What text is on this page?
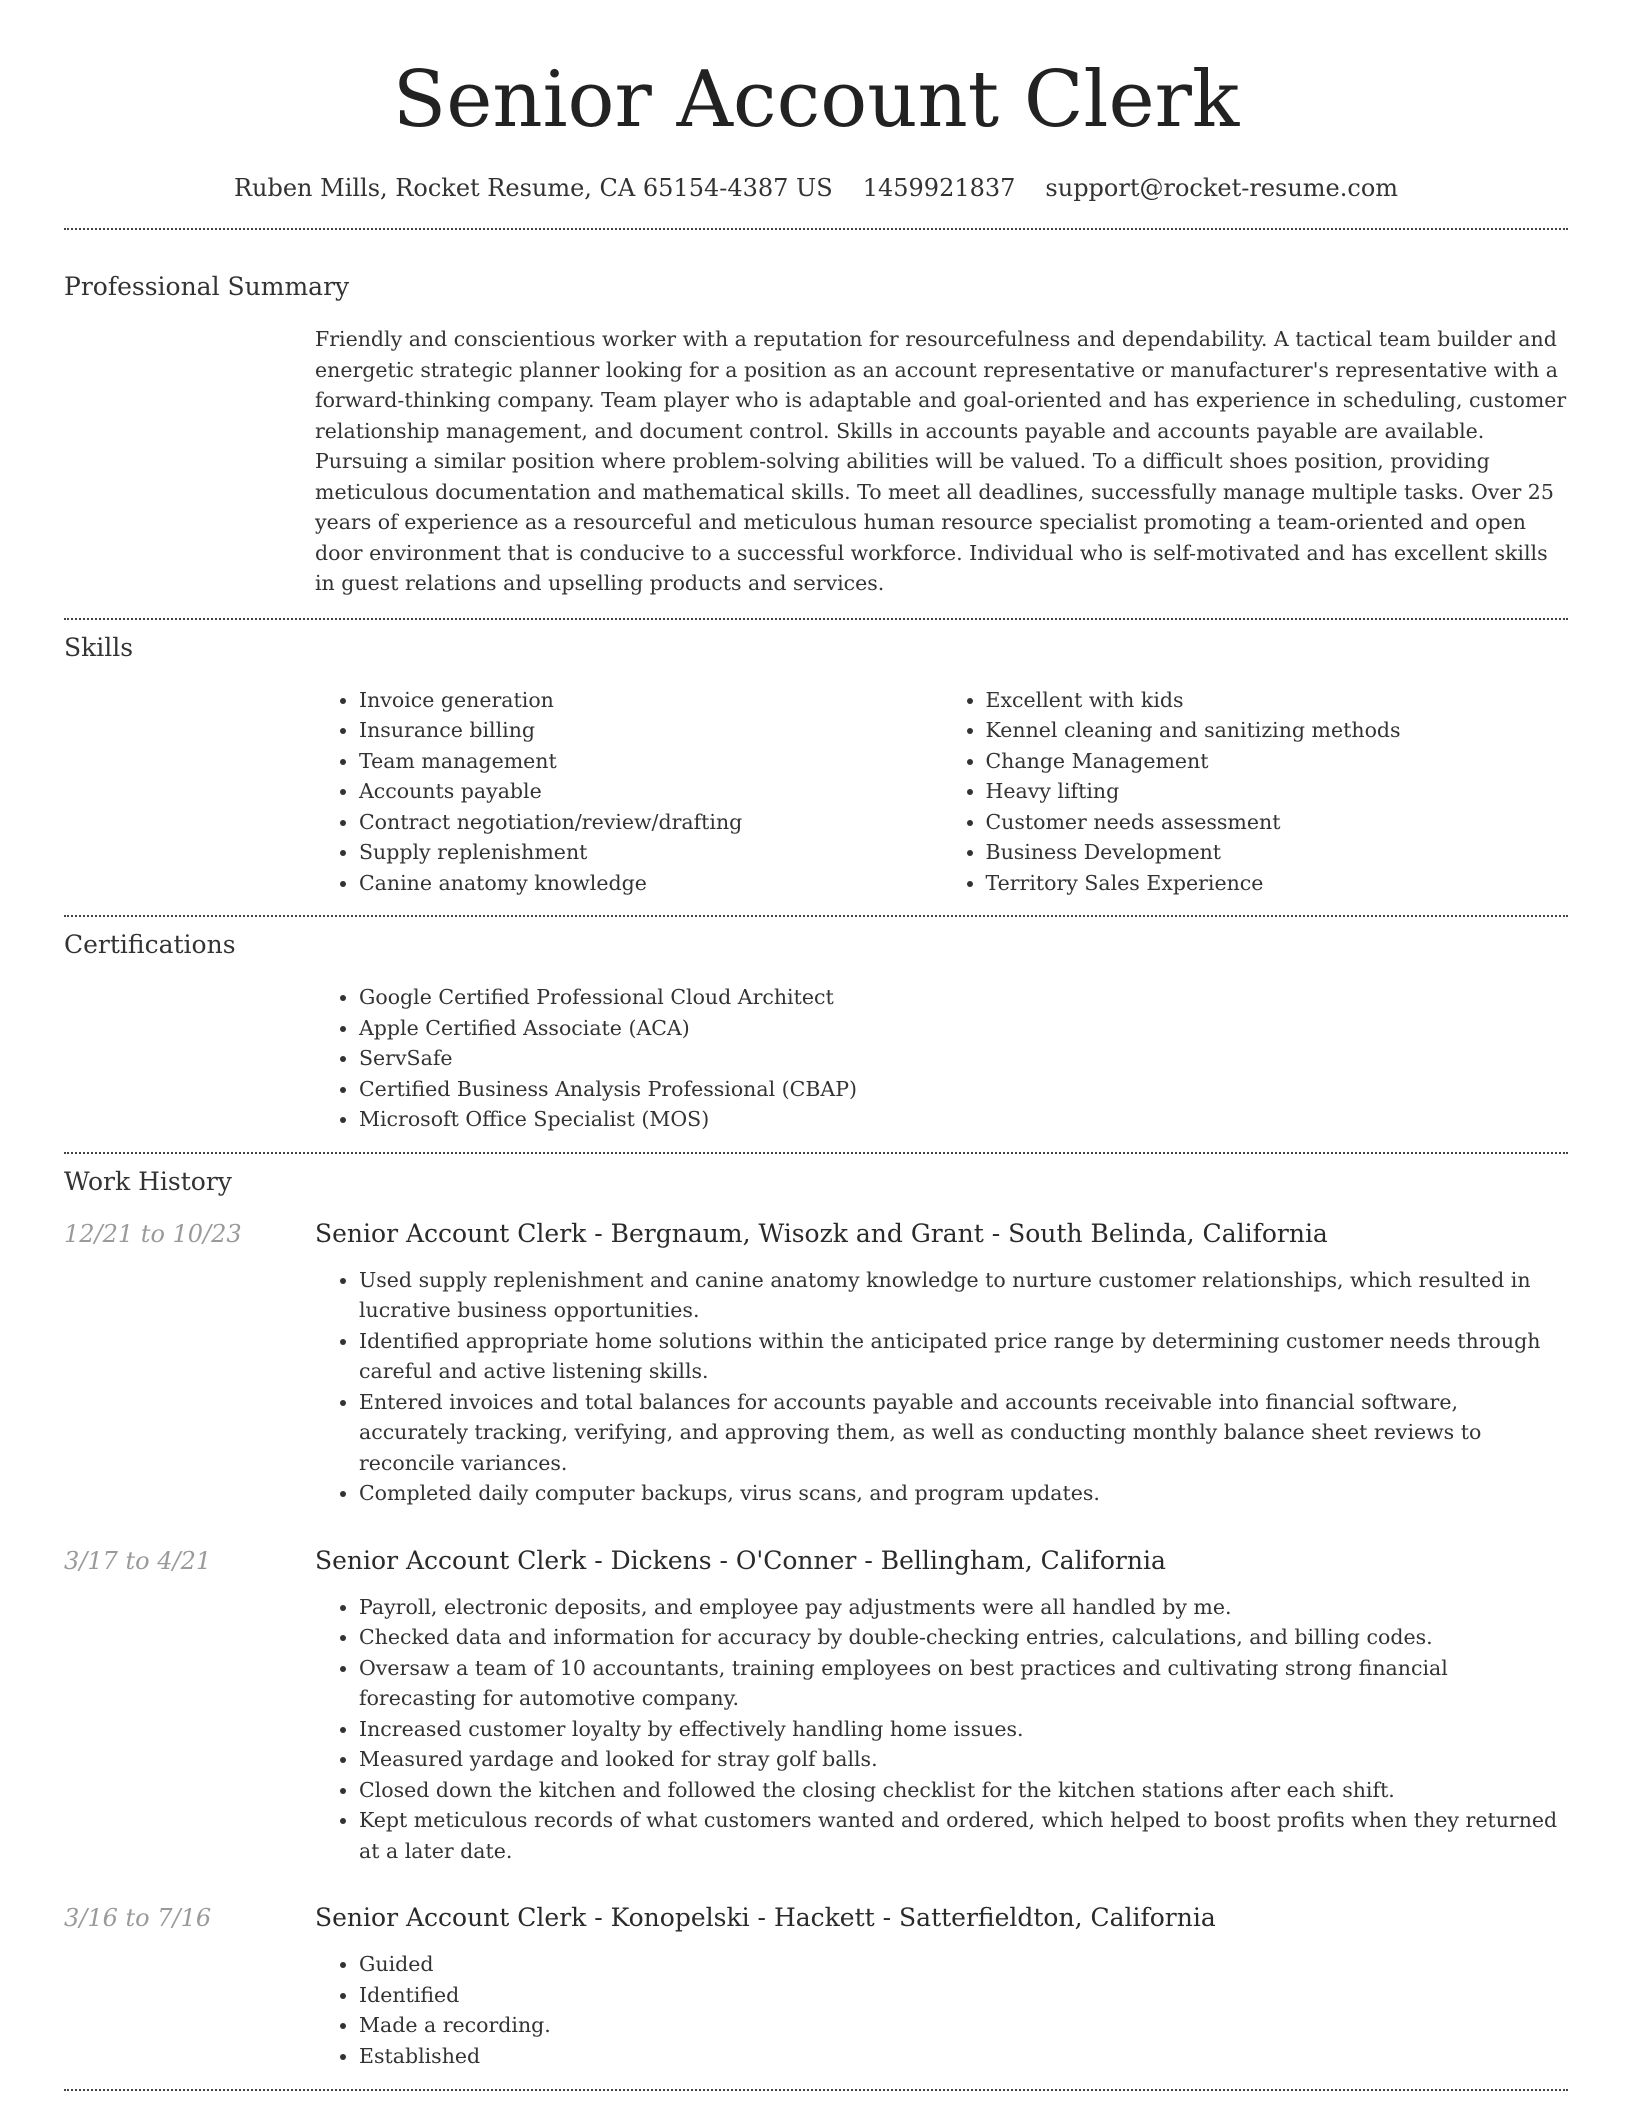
Senior Account Clerk
Ruben Mills, Rocket Resume, CA 65154-4387 US 1459921837 support@rocket-resume.com
Professional Summary
Friendly and conscientious worker with a reputation for resourcefulness and dependability. A tactical team builder and energetic strategic planner looking for a position as an account representative or manufacturer's representative with a forward-thinking company. Team player who is adaptable and goal-oriented and has experience in scheduling, customer relationship management, and document control. Skills in accounts payable and accounts payable are available. Pursuing a similar position where problem-solving abilities will be valued. To a difficult shoes position, providing meticulous documentation and mathematical skills. To meet all deadlines, successfully manage multiple tasks. Over 25 years of experience as a resourceful and meticulous human resource specialist promoting a team-oriented and open door environment that is conducive to a successful workforce. Individual who is self-motivated and has excellent skills in guest relations and upselling products and services.
Skills
• Invoice generation
• Insurance billing
• Team management
• Accounts payable
• Contract negotiation/review/drafting
• Supply replenishment
• Canine anatomy knowledge
• Excellent with kids
• Kennel cleaning and sanitizing methods
• Change Management
• Heavy lifting
• Customer needs assessment
• Business Development
• Territory Sales Experience
Certifications
• Google Certified Professional Cloud Architect
• Apple Certified Associate (ACA)
• ServSafe
• Certified Business Analysis Professional (CBAP)
• Microsoft Office Specialist (MOS)
Work History
12/21 to 10/23	Senior Account Clerk - Bergnaum, Wisozk and Grant - South Belinda, California
• Used supply replenishment and canine anatomy knowledge to nurture customer relationships, which resulted in lucrative business opportunities.
• Identified appropriate home solutions within the anticipated price range by determining customer needs through careful and active listening skills.
• Entered invoices and total balances for accounts payable and accounts receivable into financial software, accurately tracking, verifying, and approving them, as well as conducting monthly balance sheet reviews to reconcile variances.
• Completed daily computer backups, virus scans, and program updates.
3/17 to 4/21	Senior Account Clerk - Dickens - O'Conner - Bellingham, California
• Payroll, electronic deposits, and employee pay adjustments were all handled by me.
• Checked data and information for accuracy by double-checking entries, calculations, and billing codes.
• Oversaw a team of 10 accountants, training employees on best practices and cultivating strong financial forecasting for automotive company.
• Increased customer loyalty by effectively handling home issues.
• Measured yardage and looked for stray golf balls.
• Closed down the kitchen and followed the closing checklist for the kitchen stations after each shift.
• Kept meticulous records of what customers wanted and ordered, which helped to boost profits when they returned at a later date.
3/16 to 7/16	Senior Account Clerk - Konopelski - Hackett - Satterfieldton, California
• Guided
• Identified
• Made a recording.
• Established
